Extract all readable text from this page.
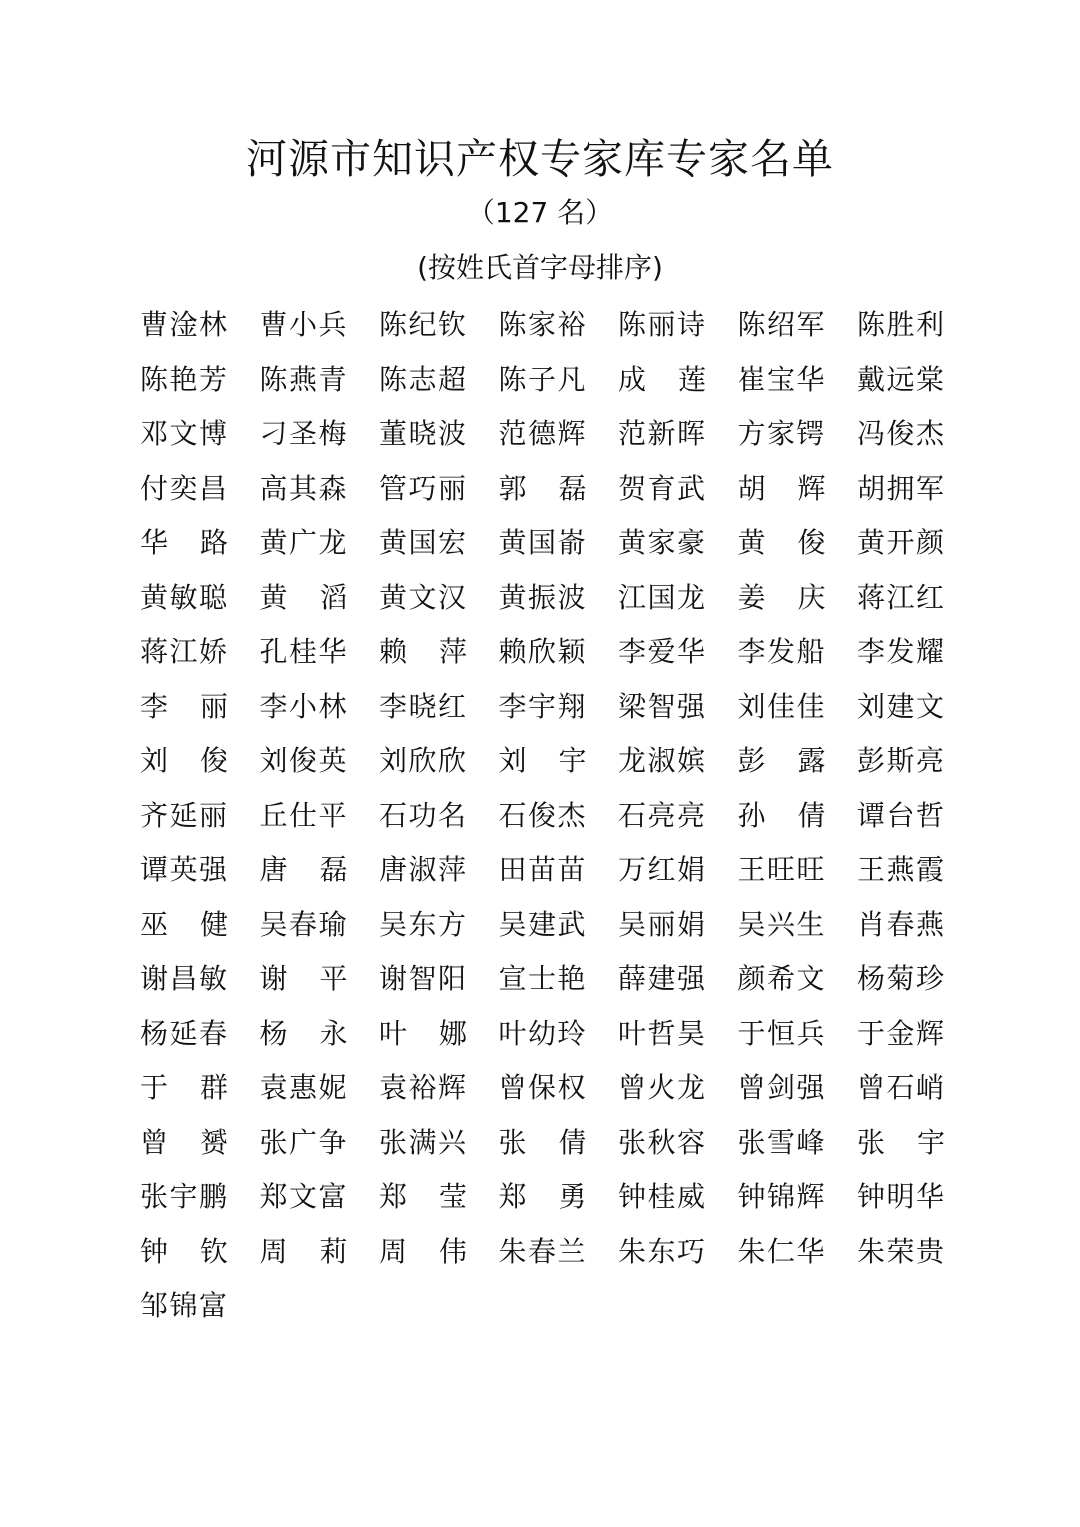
河源市知识产权专家库专家名单
（127 名）
(按姓氏首字母排序)
曹淦林 曹小兵 陈纪钦 陈家裕 陈丽诗 陈绍军 陈胜利
陈艳芳 陈燕青 陈志超 陈子凡 成 莲 崔宝华 戴远棠
邓文博 刁圣梅 董晓波 范德辉 范新晖 方家锷 冯俊杰
付奕昌 高其森 管巧丽 郭 磊 贺育武 胡 辉 胡拥军
华 路 黄广龙 黄国宏 黄国嵛 黄家豪 黄 俊 黄开颜
黄敏聪 黄 滔 黄文汉 黄振波 江国龙 姜 庆 蒋江红
蒋江娇 孔桂华 赖 萍 赖欣颖 李爱华 李发船 李发耀
李 丽 李小林 李晓红 李宇翔 梁智强 刘佳佳 刘建文
刘 俊 刘俊英 刘欣欣 刘 宇 龙淑嫔 彭 露 彭斯亮
齐延丽 丘仕平 石功名 石俊杰 石亮亮 孙 倩 谭台哲
谭英强 唐 磊 唐淑萍 田苗苗 万红娟 王旺旺 王燕霞
巫 健 吴春瑜 吴东方 吴建武 吴丽娟 吴兴生 肖春燕
谢昌敏 谢 平 谢智阳 宣士艳 薛建强 颜希文 杨菊珍
杨延春 杨 永 叶 娜 叶幼玲 叶哲昊 于恒兵 于金辉
于 群 袁惠妮 袁裕辉 曾保权 曾火龙 曾剑强 曾石峭
曾 赟 张广争 张满兴 张 倩 张秋容 张雪峰 张 宇
张宇鹏 郑文富 郑 莹 郑 勇 钟桂威 钟锦辉 钟明华
钟 钦 周 莉 周 伟 朱春兰 朱东巧 朱仁华 朱荣贵
邹锦富
